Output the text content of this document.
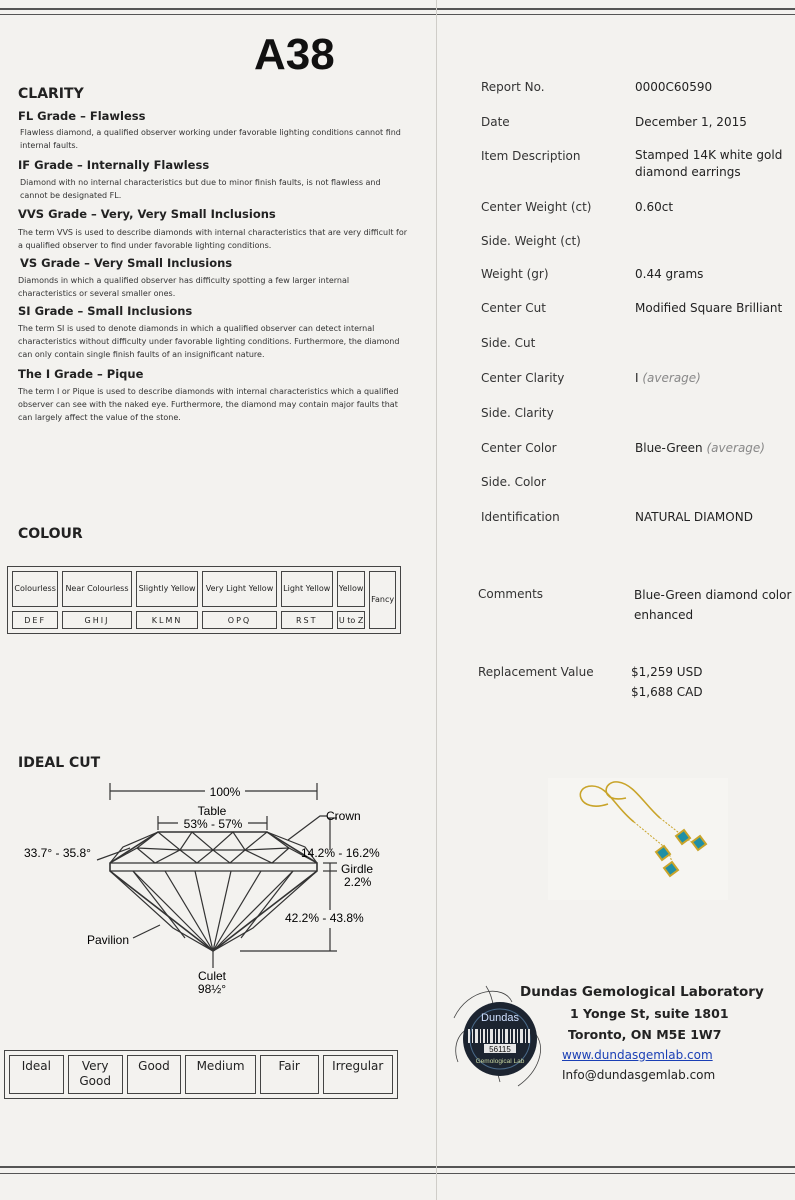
A38
CLARITY
FL Grade – Flawless
Flawless diamond, a qualified observer working under favorable lighting conditions cannot find internal faults.
IF Grade – Internally Flawless
Diamond with no internal characteristics but due to minor finish faults, is not flawless and cannot be designated FL.
VVS Grade – Very, Very Small Inclusions
The term VVS is used to describe diamonds with internal characteristics that are very difficult for a qualified observer to find under favorable lighting conditions.
VS Grade – Very Small Inclusions
Diamonds in which a qualified observer has difficulty spotting a few larger internal characteristics or several smaller ones.
SI Grade – Small Inclusions
The term SI is used to denote diamonds in which a qualified observer can detect internal characteristics without difficulty under favorable lighting conditions. Furthermore, the diamond can only contain single finish faults of an insignificant nature.
The I Grade – Pique
The term I or Pique is used to describe diamonds with internal characteristics which a qualified observer can see with the naked eye. Furthermore, the diamond may contain major faults that can largely affect the value of the stone.
COLOUR
Colourless	Near Colourless	Slightly Yellow	Very Light Yellow	Light Yellow	Yellow	Fancy
DEF	GHIJ	KLMN	OPQ	RST	U to Z	
IDEAL CUT
100%
Table
53% - 57%
Crown
33.7° - 35.8°	14.2% - 16.2%
Girdle
2.2%
42.2% - 43.8%
Pavilion
Culet
98½°
Ideal	Very Good	Good	Medium	Fair	Irregular
Report No.	0000C60590
Date	December 1, 2015
Item Description	Stamped 14K white gold diamond earrings
Center Weight (ct)	0.60ct
Side. Weight (ct)
Weight (gr)	0.44 grams
Center Cut	Modified Square Brilliant
Side. Cut
Center Clarity	I (average)
Side. Clarity
Center Color	Blue-Green (average)
Side. Color
Identification	NATURAL DIAMOND
Comments	Blue-Green diamond color enhanced
Replacement Value	$1,259 USD
$1,688 CAD
Dundas
56115
Gemological Lab
Dundas Gemological Laboratory
1 Yonge St, suite 1801
Toronto, ON M5E 1W7
www.dundasgemlab.com
Info@dundasgemlab.com
